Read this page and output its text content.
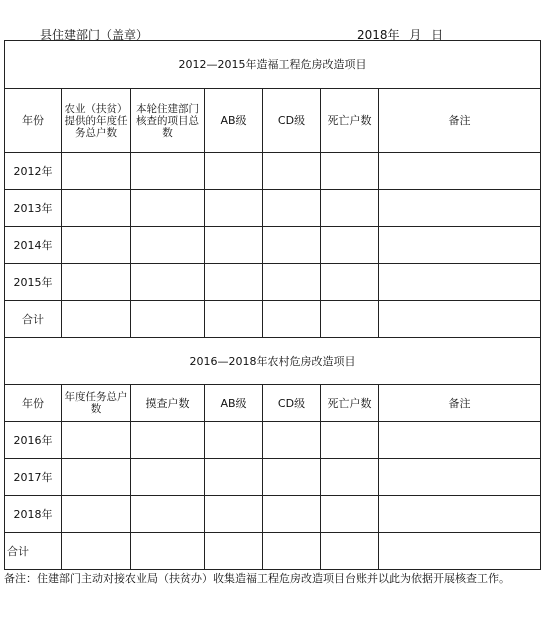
县住建部门（盖章）	2018年 月 日
2012—2015年造福工程危房改造项目						
年份	农业（扶贫）提供的年度任务总户数	本轮住建部门核查的项目总数	AB级	CD级	死亡户数	备注
2012年						
2013年						
2014年						
2015年						
合计						
2016—2018年农村危房改造项目						
年份	年度任务总户数	摸查户数	AB级	CD级	死亡户数	备注
2016年						
2017年						
2018年						
合计						
备注：住建部门主动对接农业局（扶贫办）收集造福工程危房改造项目台账并以此为依据开展核查工作。
